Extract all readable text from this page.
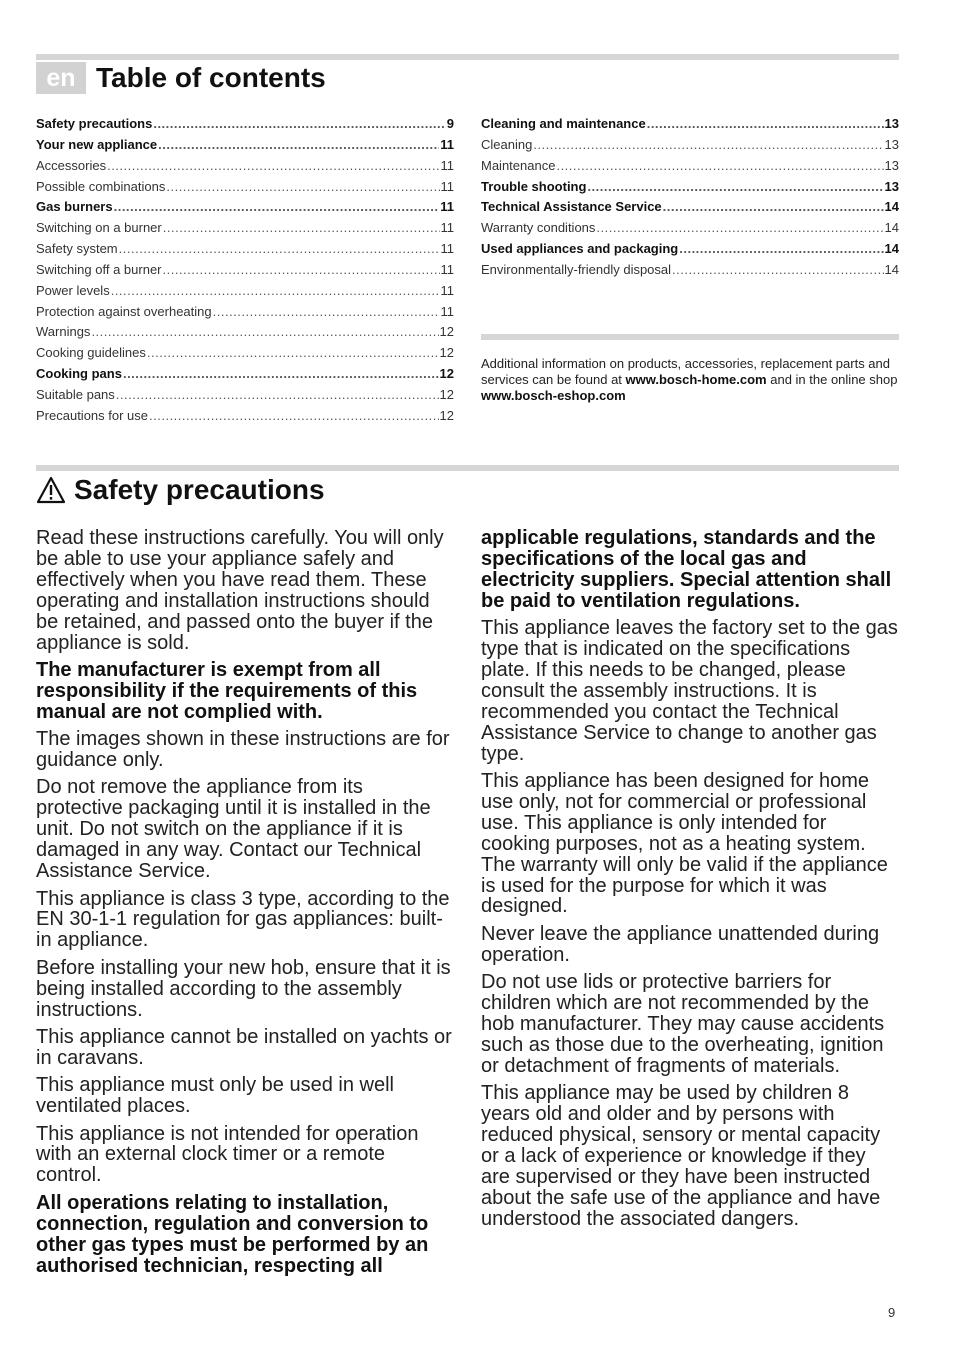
en Table of contents
Safety precautions .....	9
Your new appliance .....	11
Accessories .....	11
Possible combinations .....	11
Gas burners .....	11
Switching on a burner .....	11
Safety system .....	11
Switching off a burner .....	11
Power levels .....	11
Protection against overheating .....	11
Warnings .....	12
Cooking guidelines .....	12
Cooking pans .....	12
Suitable pans .....	12
Precautions for use .....	12
Cleaning and maintenance .....	13
Cleaning .....	13
Maintenance .....	13
Trouble shooting .....	13
Technical Assistance Service .....	14
Warranty conditions .....	14
Used appliances and packaging .....	14
Environmentally-friendly disposal .....	14

Additional information on products, accessories, replacement parts and services can be found at www.bosch-home.com and in the online shop www.bosch-eshop.com

Safety precautions

Read these instructions carefully. You will only be able to use your appliance safely and effectively when you have read them. These operating and installation instructions should be retained, and passed onto the buyer if the appliance is sold.

The manufacturer is exempt from all responsibility if the requirements of this manual are not complied with.

The images shown in these instructions are for guidance only.

Do not remove the appliance from its protective packaging until it is installed in the unit. Do not switch on the appliance if it is damaged in any way. Contact our Technical Assistance Service.

This appliance is class 3 type, according to the EN 30-1-1 regulation for gas appliances: built-in appliance.

Before installing your new hob, ensure that it is being installed according to the assembly instructions.

This appliance cannot be installed on yachts or in caravans.

This appliance must only be used in well ventilated places.

This appliance is not intended for operation with an external clock timer or a remote control.

All operations relating to installation, connection, regulation and conversion to other gas types must be performed by an authorised technician, respecting all

applicable regulations, standards and the specifications of the local gas and electricity suppliers. Special attention shall be paid to ventilation regulations.

This appliance leaves the factory set to the gas type that is indicated on the specifications plate. If this needs to be changed, please consult the assembly instructions. It is recommended you contact the Technical Assistance Service to change to another gas type.

This appliance has been designed for home use only, not for commercial or professional use. This appliance is only intended for cooking purposes, not as a heating system. The warranty will only be valid if the appliance is used for the purpose for which it was designed.

Never leave the appliance unattended during operation.

Do not use lids or protective barriers for children which are not recommended by the hob manufacturer. They may cause accidents such as those due to the overheating, ignition or detachment of fragments of materials.

This appliance may be used by children 8 years old and older and by persons with reduced physical, sensory or mental capacity or a lack of experience or knowledge if they are supervised or they have been instructed about the safe use of the appliance and have understood the associated dangers.

9
